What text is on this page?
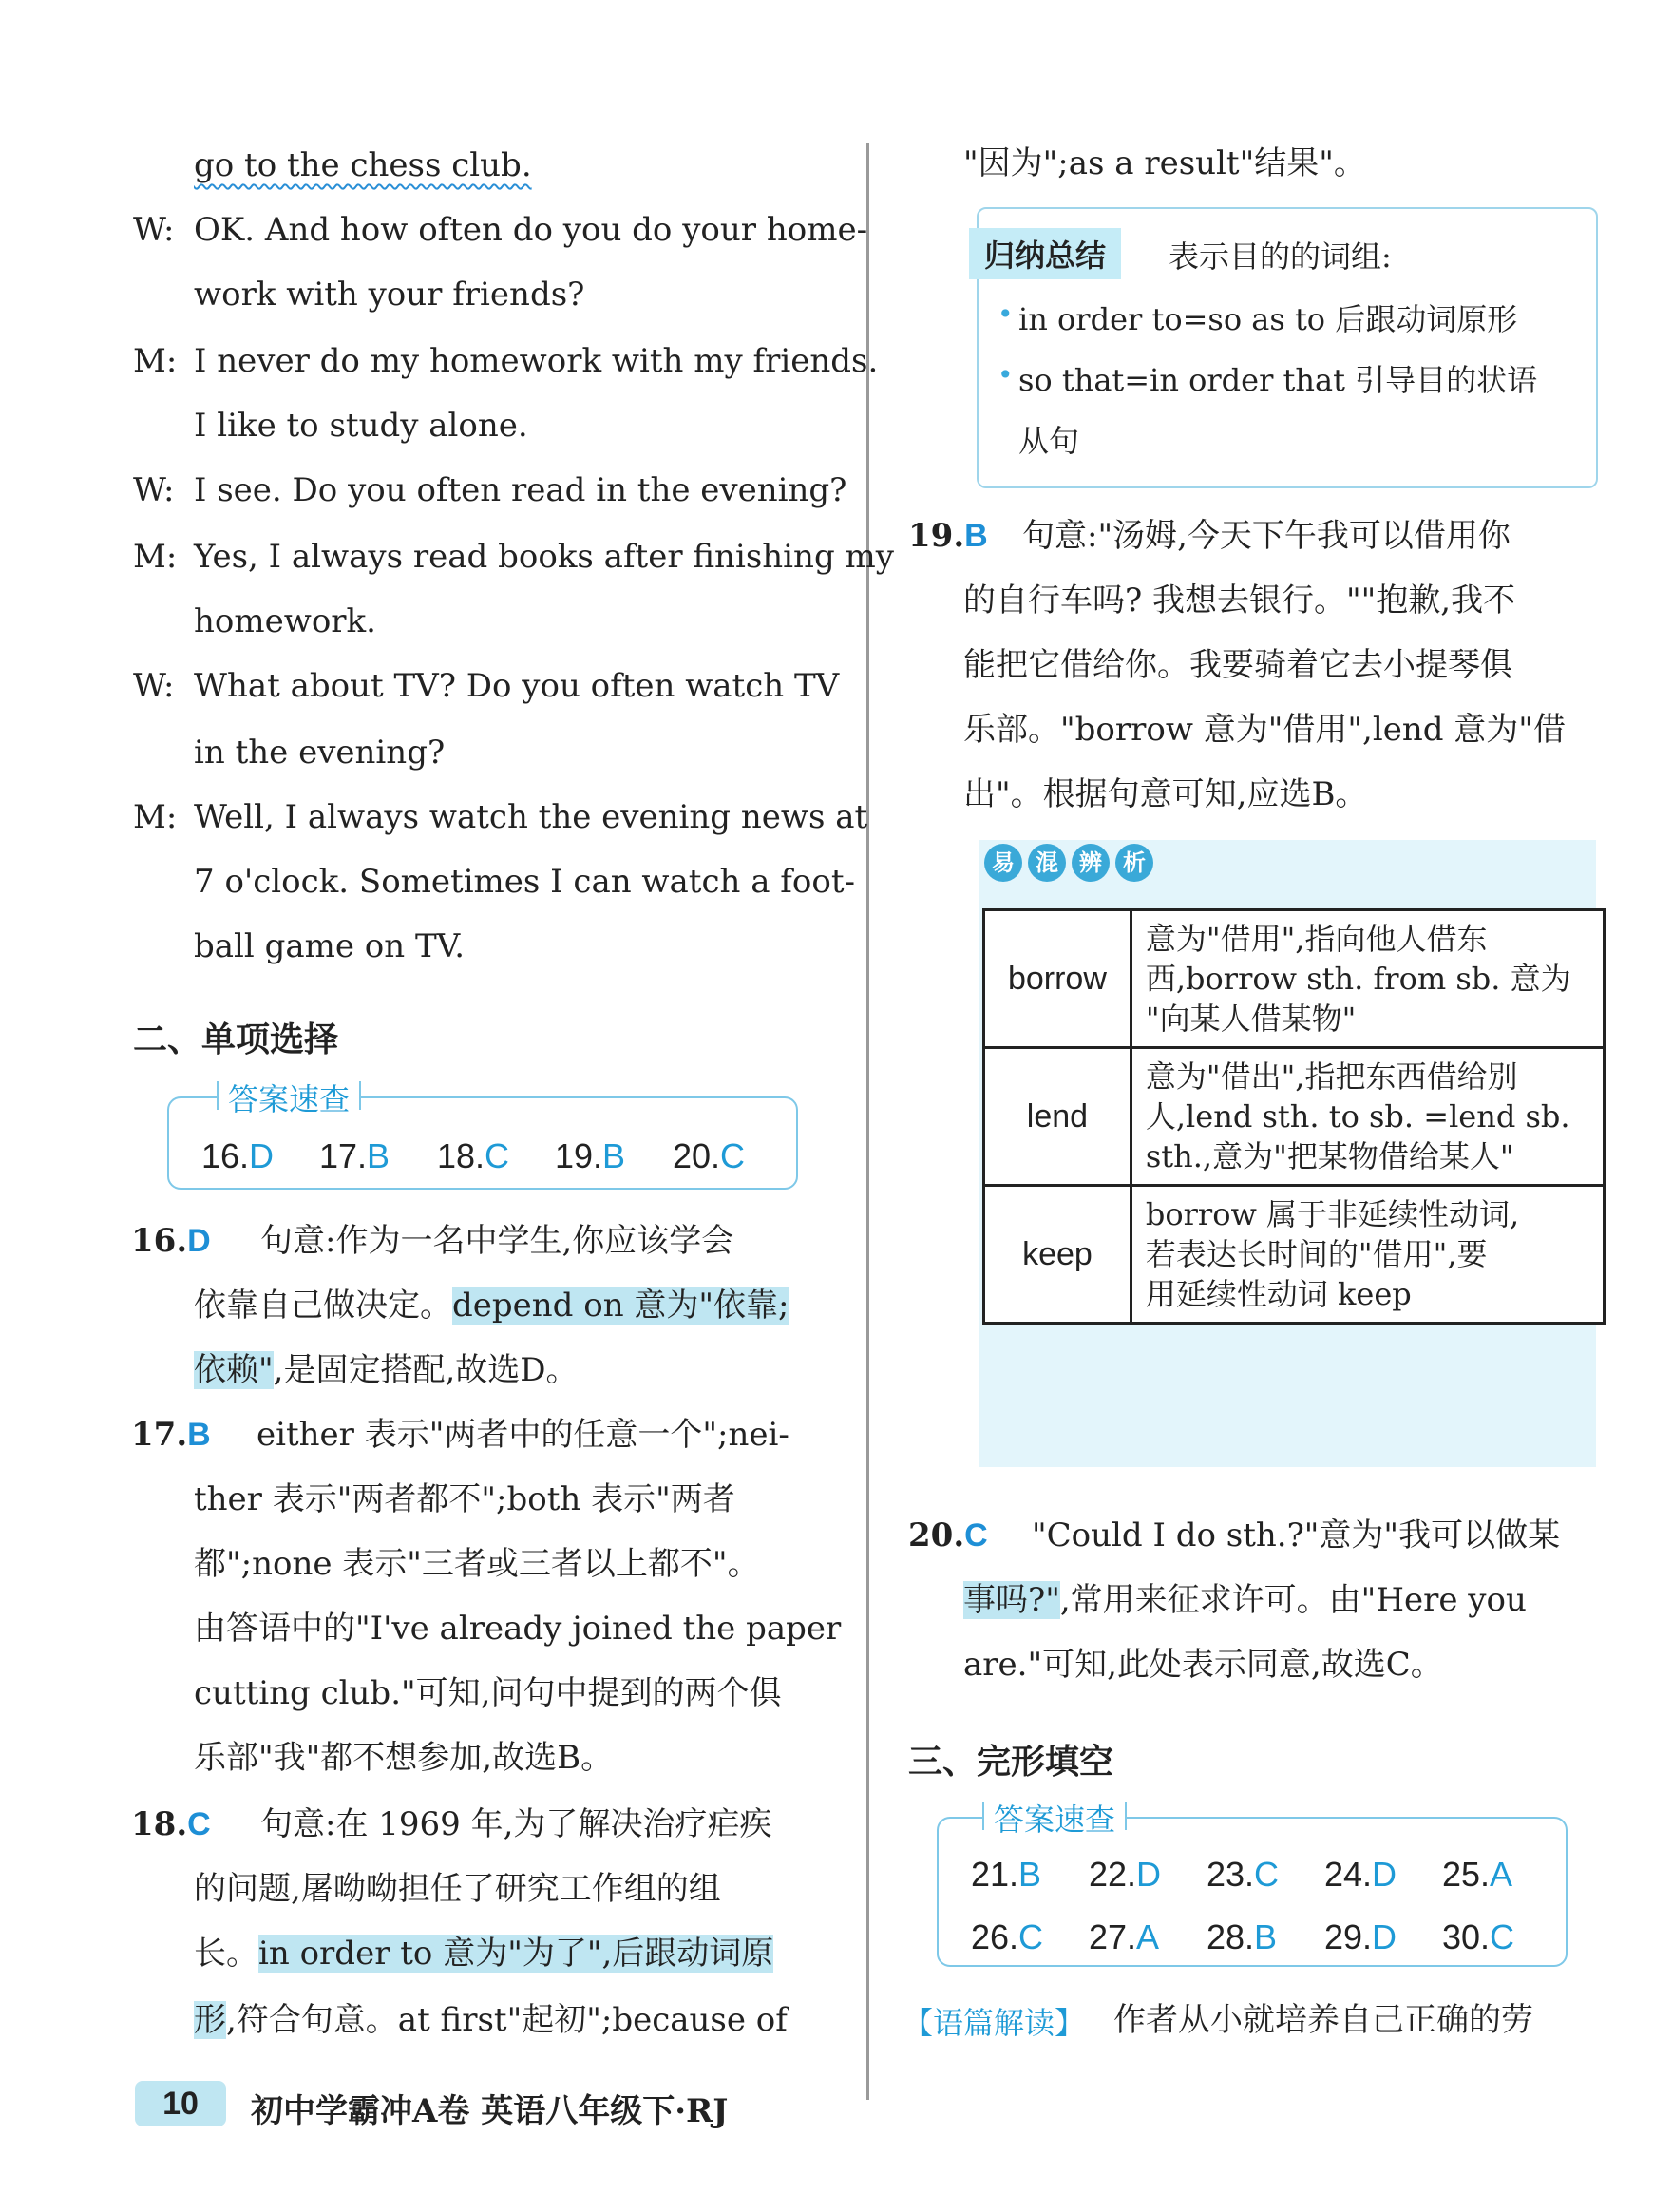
go to the chess club.
W: OK. And how often do you do your home-
work with your friends?
M: I never do my homework with my friends.
I like to study alone.
W: I see. Do you often read in the evening?
M: Yes, I always read books after finishing my
homework.
W: What about TV? Do you often watch TV
in the evening?
M: Well, I always watch the evening news at
7 o'clock. Sometimes I can watch a foot-
ball game on TV.
二、单项选择
答案速查
16.D 17.B 18.C 19.B 20.C
16.D 句意:作为一名中学生,你应该学会
依靠自己做决定。depend on 意为"依靠;
依赖",是固定搭配,故选D。
17.B either 表示"两者中的任意一个";nei-
ther 表示"两者都不";both 表示"两者
都";none 表示"三者或三者以上都不"。
由答语中的"I've already joined the paper
cutting club."可知,问句中提到的两个俱
乐部"我"都不想参加,故选B。
18.C 句意:在 1969 年,为了解决治疗疟疾
的问题,屠呦呦担任了研究工作组的组
长。in order to 意为"为了",后跟动词原
形,符合句意。at first"起初";because of
10	初中学霸冲A卷 英语八年级下·RJ
"因为";as a result"结果"。
归纳总结	表示目的的词组:
• in order to=so as to 后跟动词原形
• so that=in order that 引导目的状语
从句
19.B 句意:"汤姆,今天下午我可以借用你
的自行车吗? 我想去银行。""抱歉,我不
能把它借给你。我要骑着它去小提琴俱
乐部。"borrow 意为"借用",lend 意为"借
出"。根据句意可知,应选B。
易 混 辨 析
borrow	意为"借用",指向他人借东
西,borrow sth. from sb. 意为
"向某人借某物"

lend	意为"借出",指把东西借给别
人,lend sth. to sb. =lend sb.
sth.,意为"把某物借给某人"

keep	borrow 属于非延续性动词,
若表达长时间的"借用",要
用延续性动词 keep
20.C "Could I do sth.?"意为"我可以做某
事吗?",常用来征求许可。由"Here you
are."可知,此处表示同意,故选C。
三、完形填空
答案速查
21.B 22.D 23.C 24.D 25.A
26.C 27.A 28.B 29.D 30.C
【语篇解读】 作者从小就培养自己正确的劳
